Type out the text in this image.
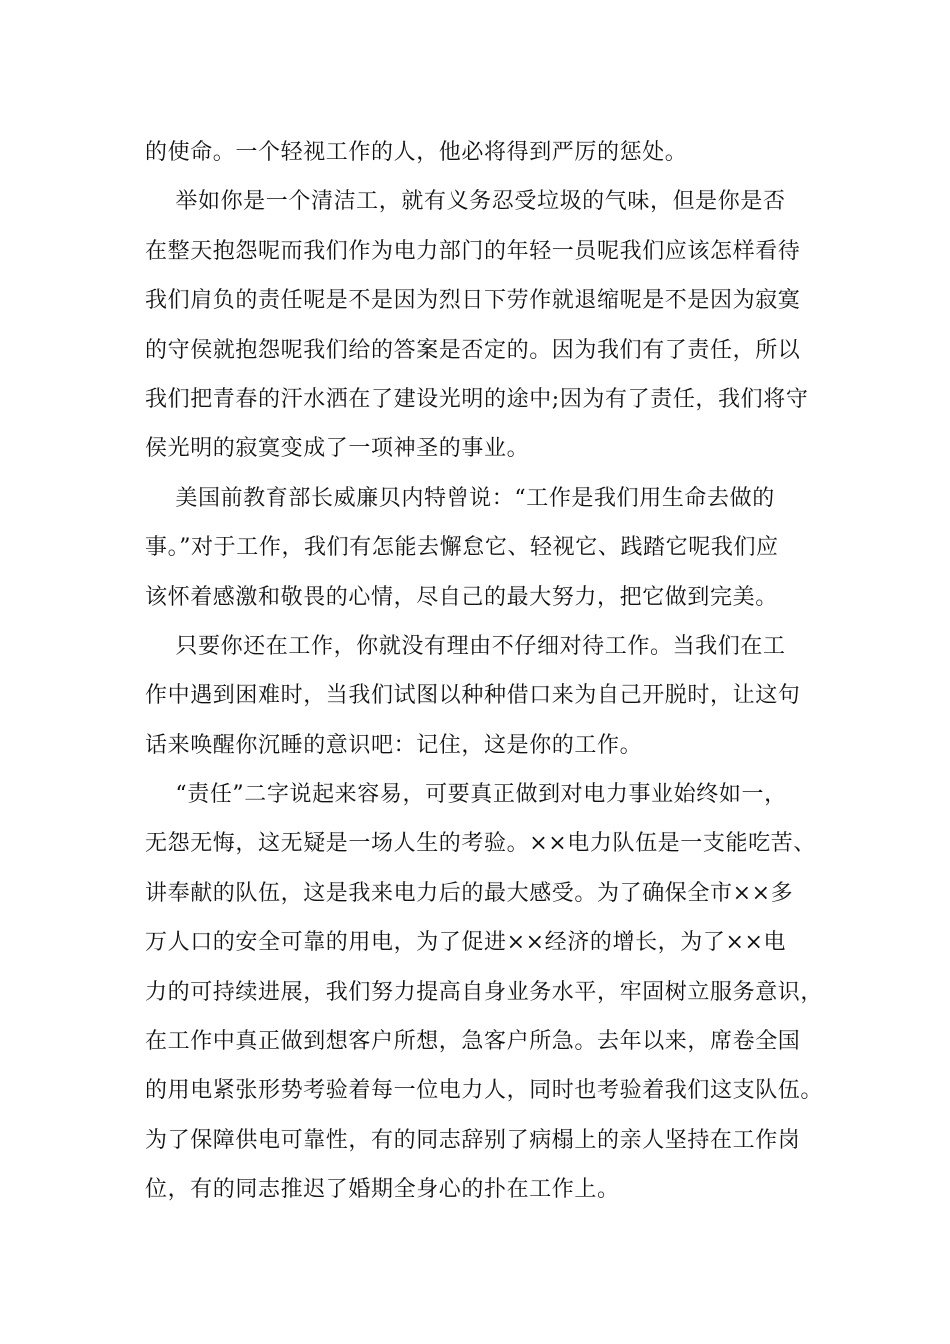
的使命。一个轻视工作的人，他必将得到严厉的惩处。
举如你是一个清洁工，就有义务忍受垃圾的气味，但是你是否
在整天抱怨呢而我们作为电力部门的年轻一员呢我们应该怎样看待
我们肩负的责任呢是不是因为烈日下劳作就退缩呢是不是因为寂寞
的守侯就抱怨呢我们给的答案是否定的。因为我们有了责任，所以
我们把青春的汗水洒在了建设光明的途中;因为有了责任，我们将守
侯光明的寂寞变成了一项神圣的事业。
美国前教育部长威廉贝内特曾说：“工作是我们用生命去做的
事。”对于工作，我们有怎能去懈怠它、轻视它、践踏它呢我们应
该怀着感激和敬畏的心情，尽自己的最大努力，把它做到完美。
只要你还在工作，你就没有理由不仔细对待工作。当我们在工
作中遇到困难时，当我们试图以种种借口来为自己开脱时，让这句
话来唤醒你沉睡的意识吧：记住，这是你的工作。
“责任”二字说起来容易，可要真正做到对电力事业始终如一，
无怨无悔，这无疑是一场人生的考验。××电力队伍是一支能吃苦、
讲奉献的队伍，这是我来电力后的最大感受。为了确保全市××多
万人口的安全可靠的用电，为了促进××经济的增长，为了××电
力的可持续进展，我们努力提高自身业务水平，牢固树立服务意识，
在工作中真正做到想客户所想，急客户所急。去年以来，席卷全国
的用电紧张形势考验着每一位电力人，同时也考验着我们这支队伍。
为了保障供电可靠性，有的同志辞别了病榻上的亲人坚持在工作岗
位，有的同志推迟了婚期全身心的扑在工作上。
